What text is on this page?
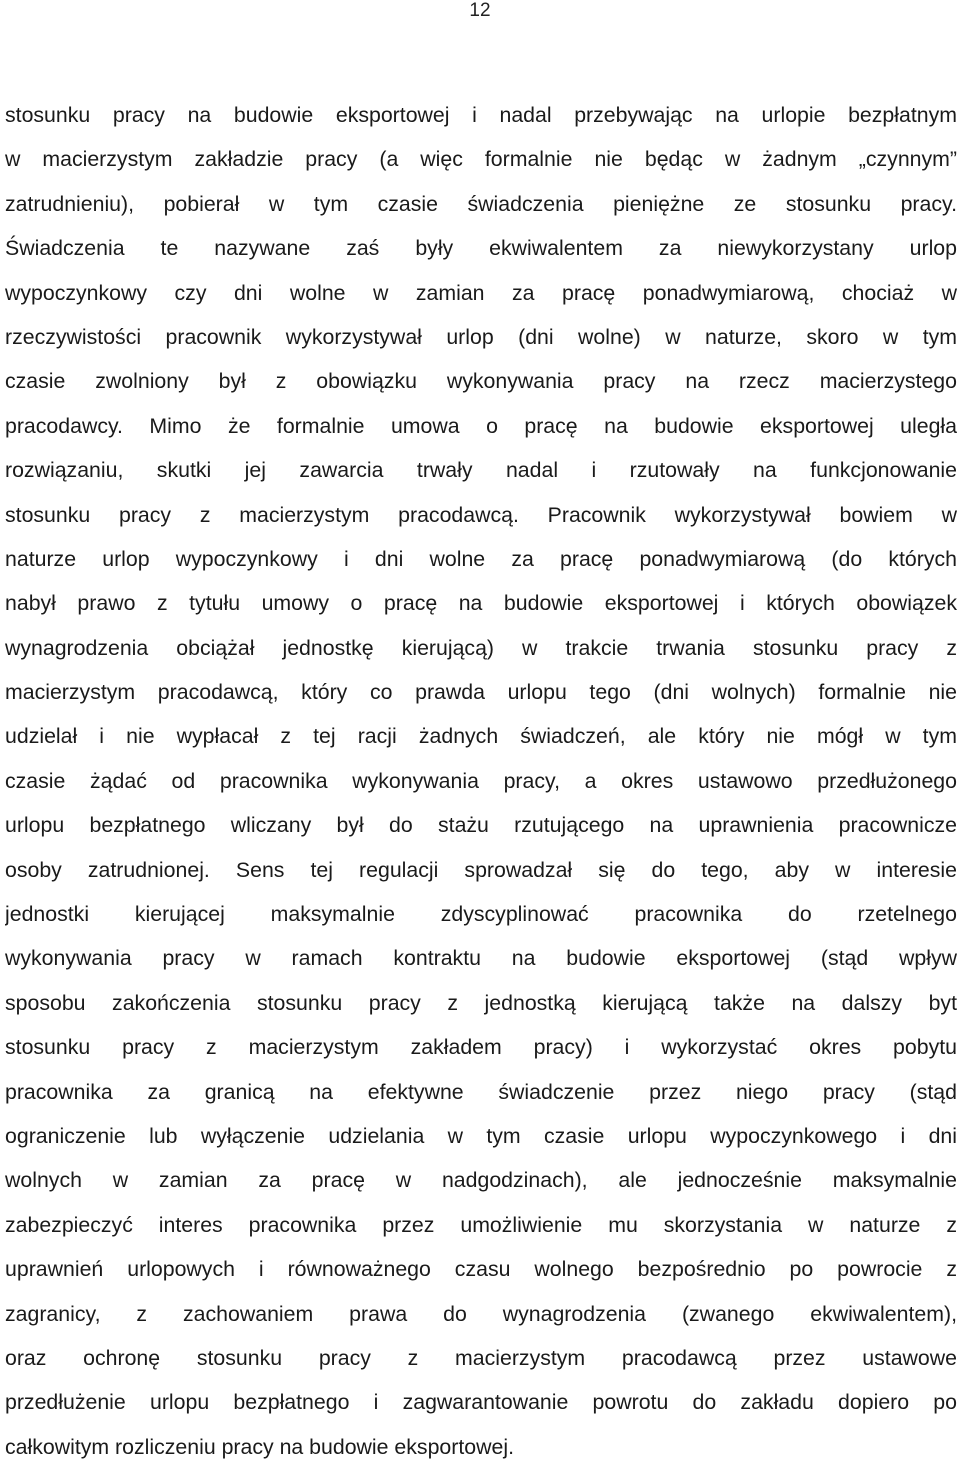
12
stosunku pracy na budowie eksportowej i nadal przebywając na urlopie bezpłatnym
w macierzystym zakładzie pracy (a więc formalnie nie będąc w żadnym „czynnym”
zatrudnieniu), pobierał w tym czasie świadczenia pieniężne ze stosunku pracy.
Świadczenia te nazywane zaś były ekwiwalentem za niewykorzystany urlop
wypoczynkowy czy dni wolne w zamian za pracę ponadwymiarową, chociaż w
rzeczywistości pracownik wykorzystywał urlop (dni wolne) w naturze, skoro w tym
czasie zwolniony był z obowiązku wykonywania pracy na rzecz macierzystego
pracodawcy. Mimo że formalnie umowa o pracę na budowie eksportowej uległa
rozwiązaniu, skutki jej zawarcia trwały nadal i rzutowały na funkcjonowanie
stosunku pracy z macierzystym pracodawcą. Pracownik wykorzystywał bowiem w
naturze urlop wypoczynkowy i dni wolne za pracę ponadwymiarową (do których
nabył prawo z tytułu umowy o pracę na budowie eksportowej i których obowiązek
wynagrodzenia obciążał jednostkę kierującą) w trakcie trwania stosunku pracy z
macierzystym pracodawcą, który co prawda urlopu tego (dni wolnych) formalnie nie
udzielał i nie wypłacał z tej racji żadnych świadczeń, ale który nie mógł w tym
czasie żądać od pracownika wykonywania pracy, a okres ustawowo przedłużonego
urlopu bezpłatnego wliczany był do stażu rzutującego na uprawnienia pracownicze
osoby zatrudnionej. Sens tej regulacji sprowadzał się do tego, aby w interesie
jednostki kierującej maksymalnie zdyscyplinować pracownika do rzetelnego
wykonywania pracy w ramach kontraktu na budowie eksportowej (stąd wpływ
sposobu zakończenia stosunku pracy z jednostką kierującą także na dalszy byt
stosunku pracy z macierzystym zakładem pracy) i wykorzystać okres pobytu
pracownika za granicą na efektywne świadczenie przez niego pracy (stąd
ograniczenie lub wyłączenie udzielania w tym czasie urlopu wypoczynkowego i dni
wolnych w zamian za pracę w nadgodzinach), ale jednocześnie maksymalnie
zabezpieczyć interes pracownika przez umożliwienie mu skorzystania w naturze z
uprawnień urlopowych i równoważnego czasu wolnego bezpośrednio po powrocie z
zagranicy, z zachowaniem prawa do wynagrodzenia (zwanego ekwiwalentem),
oraz ochronę stosunku pracy z macierzystym pracodawcą przez ustawowe
przedłużenie urlopu bezpłatnego i zagwarantowanie powrotu do zakładu dopiero po
całkowitym rozliczeniu pracy na budowie eksportowej.
